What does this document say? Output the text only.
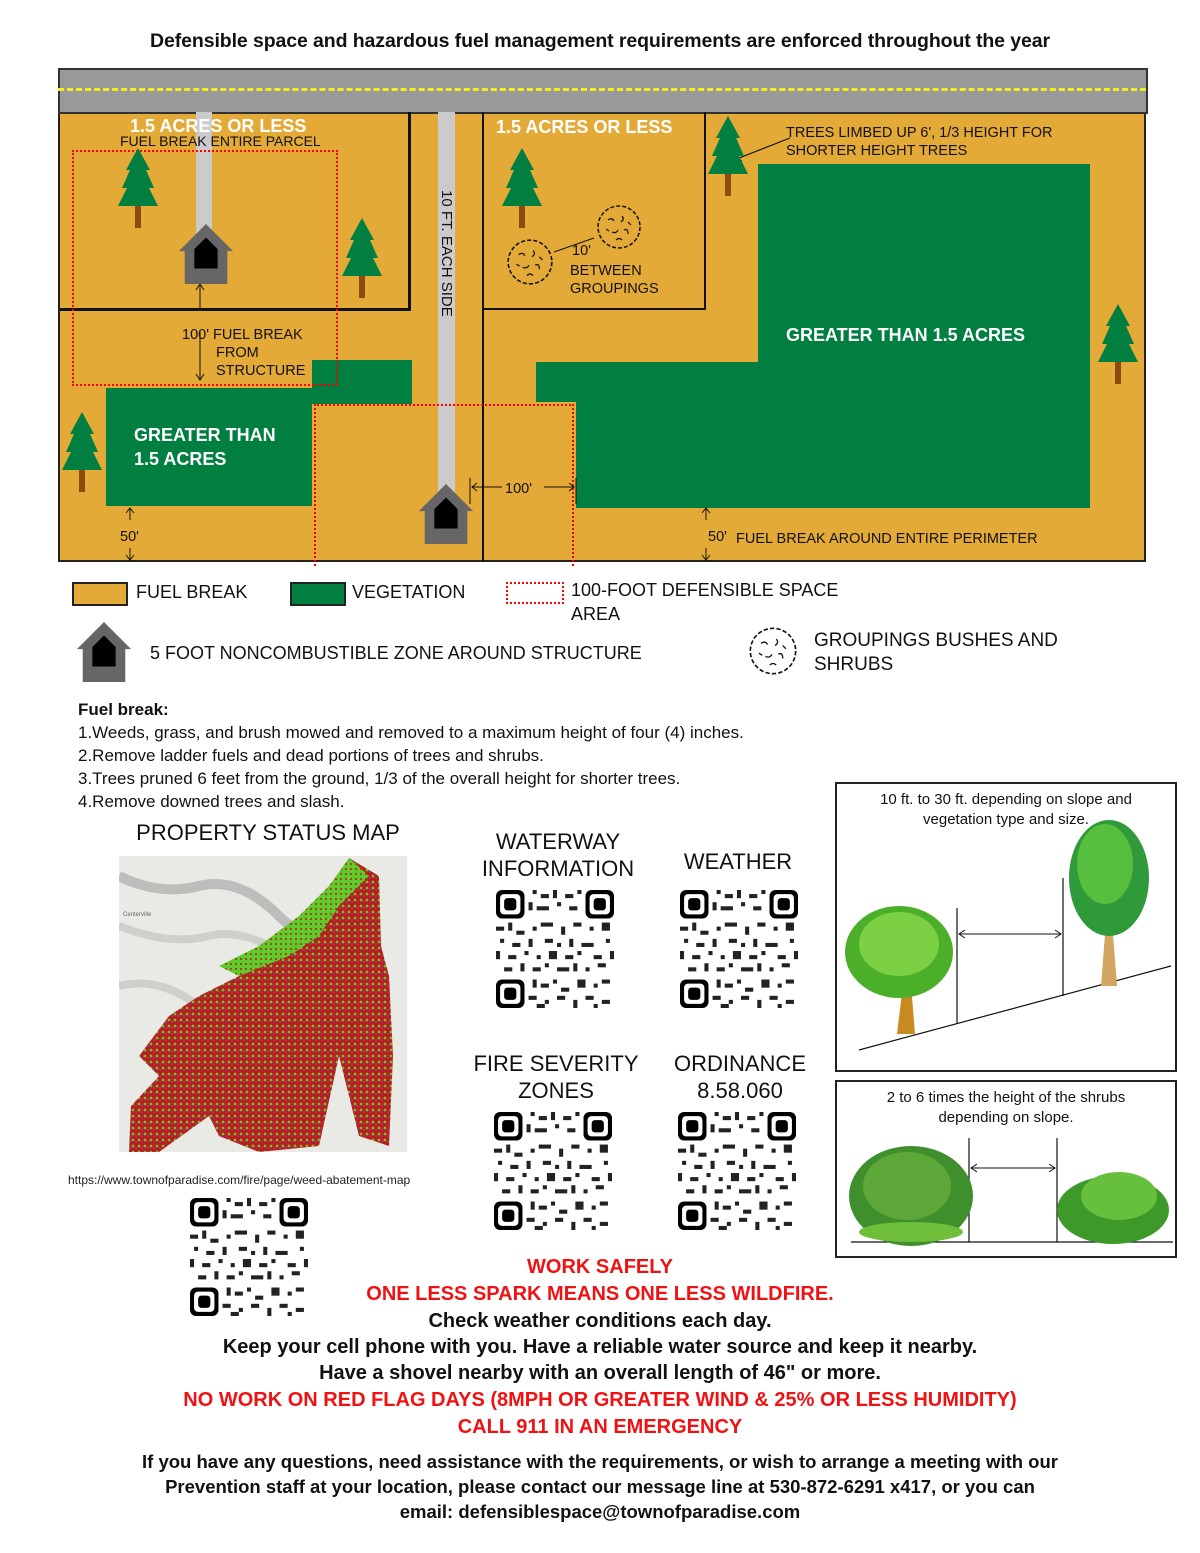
Defensible space and hazardous fuel management requirements are enforced throughout the year
1.5 ACRES OR LESS
FUEL BREAK ENTIRE PARCEL
1.5 ACRES OR LESS	TREES LIMBED UP 6', 1/3 HEIGHT FOR
SHORTER HEIGHT TREES
10'
BETWEEN
GROUPINGS
10 FT. EACH SIDE
100' FUEL BREAK
FROM
STRUCTURE
GREATER THAN
1.5 ACRES
GREATER THAN 1.5 ACRES
100'
50'	50' FUEL BREAK AROUND ENTIRE PERIMETER
FUEL BREAK	VEGETATION	100-FOOT DEFENSIBLE SPACE
AREA
5 FOOT NONCOMBUSTIBLE ZONE AROUND STRUCTURE
GROUPINGS BUSHES AND
SHRUBS
Fuel break:
1.Weeds, grass, and brush mowed and removed to a maximum height of four (4) inches.
2.Remove ladder fuels and dead portions of trees and shrubs.
3.Trees pruned 6 feet from the ground, 1/3 of the overall height for shorter trees.
4.Remove downed trees and slash.
PROPERTY STATUS MAP
Centerville
https://www.townofparadise.com/fire/page/weed-abatement-map
WATERWAY
INFORMATION	WEATHER
FIRE SEVERITY
ZONES
ORDINANCE
8.58.060
10 ft. to 30 ft. depending on slope and
vegetation type and size.
2 to 6 times the height of the shrubs
depending on slope.
WORK SAFELY
ONE LESS SPARK MEANS ONE LESS WILDFIRE.
Check weather conditions each day.
Keep your cell phone with you. Have a reliable water source and keep it nearby.
Have a shovel nearby with an overall length of 46" or more.
NO WORK ON RED FLAG DAYS (8MPH OR GREATER WIND & 25% OR LESS HUMIDITY)
CALL 911 IN AN EMERGENCY
If you have any questions, need assistance with the requirements, or wish to arrange a meeting with our
Prevention staff at your location, please contact our message line at 530-872-6291 x417, or you can
email: defensiblespace@townofparadise.com
